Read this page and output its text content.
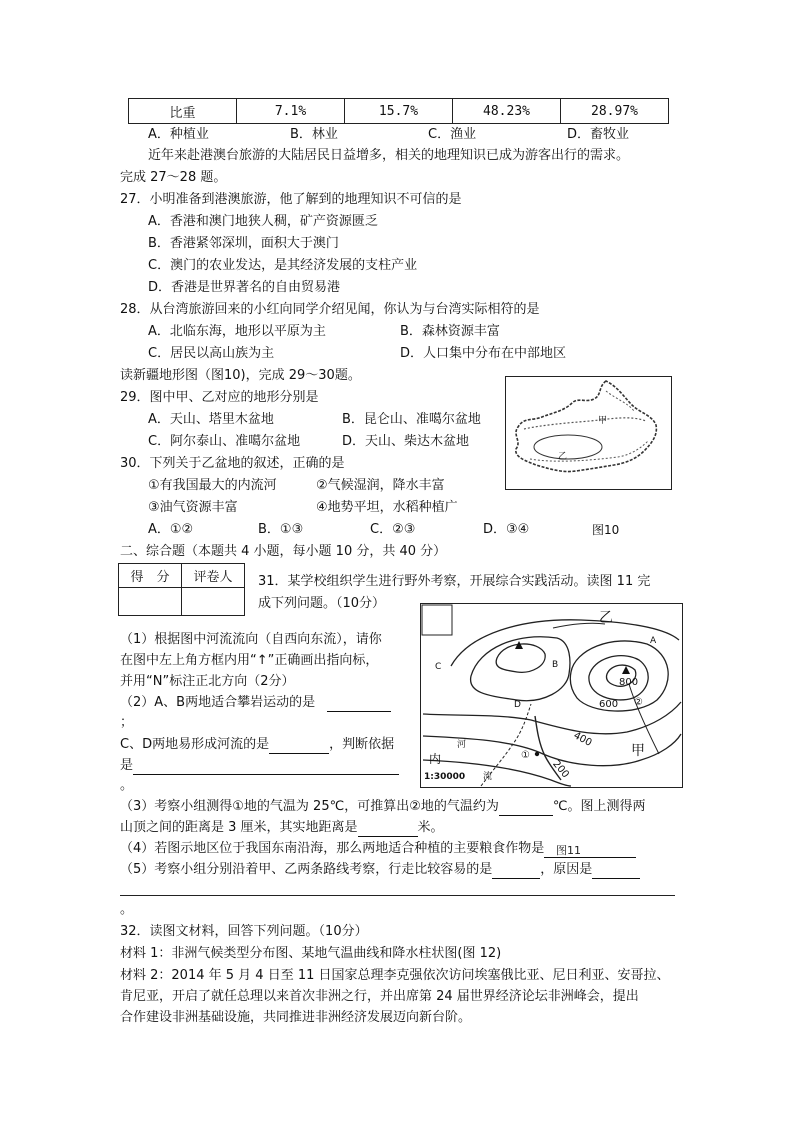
比重	7.1%	15.7%	48.23%	28.97%
A．种植业	B．林业	C．渔业	D．畜牧业
近年来赴港澳台旅游的大陆居民日益增多，相关的地理知识已成为游客出行的需求。
完成 27～28 题。
27．小明准备到港澳旅游，他了解到的地理知识不可信的是
A．香港和澳门地狭人稠，矿产资源匮乏
B．香港紧邻深圳，面积大于澳门
C．澳门的农业发达，是其经济发展的支柱产业
D．香港是世界著名的自由贸易港
28．从台湾旅游回来的小红向同学介绍见闻，你认为与台湾实际相符的是
A．北临东海，地形以平原为主	B．森林资源丰富
C．居民以高山族为主	D．人口集中分布在中部地区
读新疆地形图（图10)，完成 29～30题。
29．图中甲、乙对应的地形分别是
A．天山、塔里木盆地	B．昆仑山、准噶尔盆地
C．阿尔泰山、准噶尔盆地	D．天山、柴达木盆地
30．下列关于乙盆地的叙述，正确的是
①有我国最大的内流河	②气候湿润，降水丰富
③油气资源丰富	④地势平坦，水稻种植广
A．①②	B．①③	C．②③	D．③④
甲
乙
图10
二、综合题（本题共 4 小题，每小题 10 分，共 40 分）
得　分	评卷人
	31．某学校组织学生进行野外考察，开展综合实践活动。读图 11 完
成下列问题。（10分）
乙
A
B
C
D
800
600
400
200
②
①	甲
河
流
内
1:30000
（1）根据图中河流流向（自西向东流），请你
在图中左上角方框内用“↑”正确画出指向标，
并用“N”标注正北方向（2分）
（2）A、B两地适合攀岩运动的是
；
C、D两地易形成河流的是	，判断依据
是
。
（3）考察小组测得①地的气温为 25℃，可推算出②地的气温约为	℃。图上测得两
山顶之间的距离是 3 厘米，其实地距离是	米。
（4）若图示地区位于我国东南沿海，那么两地适合种植的主要粮食作物是	图11
（5）考察小组分别沿着甲、乙两条路线考察，行走比较容易的是	，原因是
。
32．读图文材料，回答下列问题。（10分）
材料 1：非洲气候类型分布图、某地气温曲线和降水柱状图(图 12)
材料 2：2014 年 5 月 4 日至 11 日国家总理李克强依次访问埃塞俄比亚、尼日利亚、安哥拉、
肯尼亚，开启了就任总理以来首次非洲之行，并出席第 24 届世界经济论坛非洲峰会，提出
合作建设非洲基础设施，共同推进非洲经济发展迈向新台阶。
